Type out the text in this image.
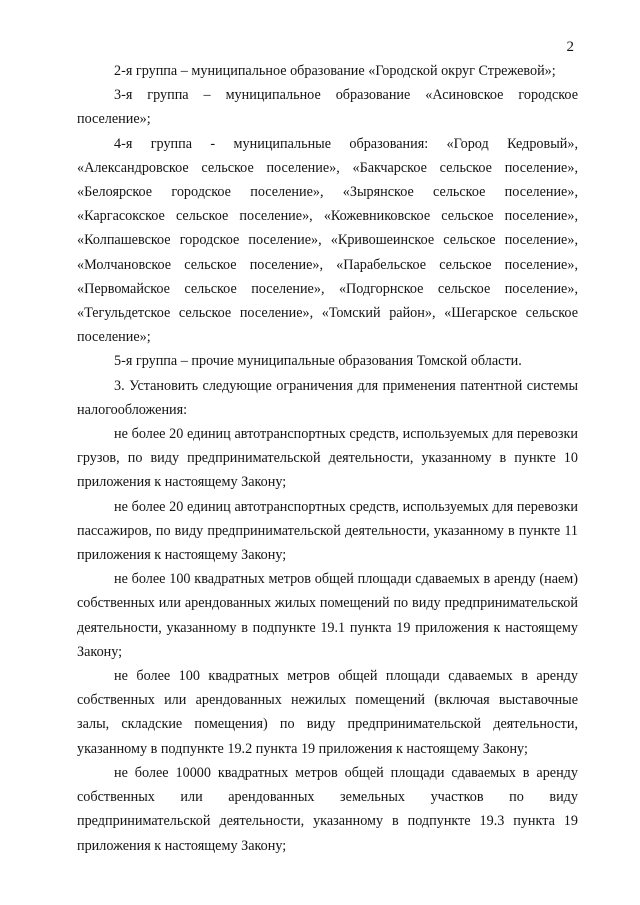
2

2-я группа – муниципальное образование «Городской округ Стрежевой»;

3-я группа – муниципальное образование «Асиновское городское поселение»;

4-я группа - муниципальные образования: «Город Кедровый», «Александровское сельское поселение», «Бакчарское сельское поселение», «Белоярское городское поселение», «Зырянское сельское поселение», «Каргасокское сельское поселение», «Кожевниковское сельское поселение», «Колпашевское городское поселение», «Кривошеинское сельское поселение», «Молчановское сельское поселение», «Парабельское сельское поселение», «Первомайское сельское поселение», «Подгорнское сельское поселение», «Тегульдетское сельское поселение», «Томский район», «Шегарское сельское поселение»;

5-я группа – прочие муниципальные образования Томской области.

3. Установить следующие ограничения для применения патентной системы налогообложения:

не более 20 единиц автотранспортных средств, используемых для перевозки грузов, по виду предпринимательской деятельности, указанному в пункте 10 приложения к настоящему Закону;

не более 20 единиц автотранспортных средств, используемых для перевозки пассажиров, по виду предпринимательской деятельности, указанному в пункте 11 приложения к настоящему Закону;

не более 100 квадратных метров общей площади сдаваемых в аренду (наем) собственных или арендованных жилых помещений по виду предпринимательской деятельности, указанному в подпункте 19.1 пункта 19 приложения к настоящему Закону;

не более 100 квадратных метров общей площади сдаваемых в аренду собственных или арендованных нежилых помещений (включая выставочные залы, складские помещения) по виду предпринимательской деятельности, указанному в подпункте 19.2 пункта 19 приложения к настоящему Закону;

не более 10000 квадратных метров общей площади сдаваемых в аренду собственных или арендованных земельных участков по виду предпринимательской деятельности, указанному в подпункте 19.3 пункта 19 приложения к настоящему Закону;
